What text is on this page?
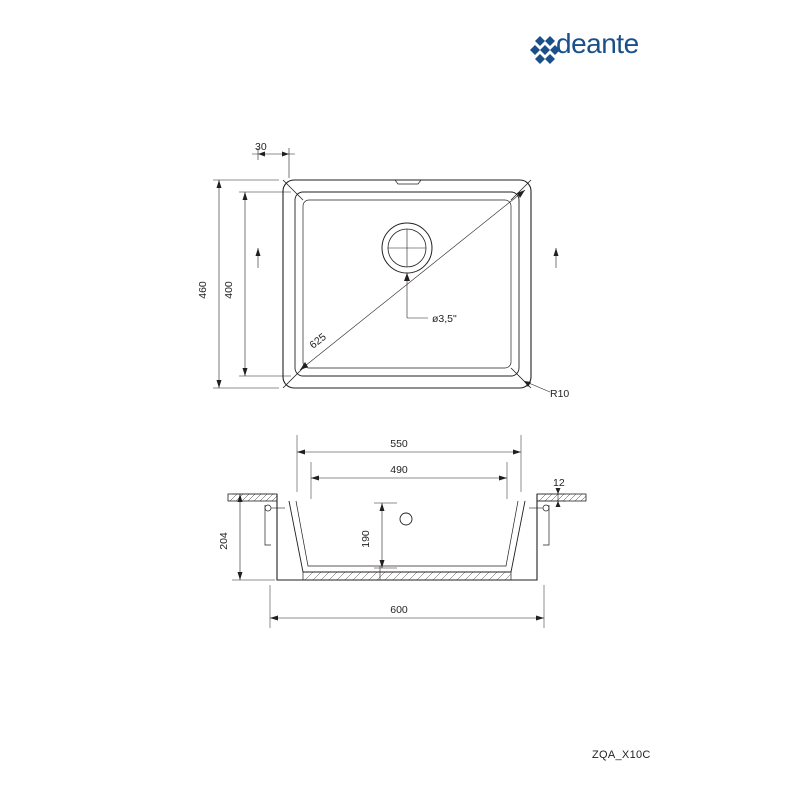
deante
30
460 400
625
ø3,5"
R10
550
490
12
204	190
600
ZQA_X10C
